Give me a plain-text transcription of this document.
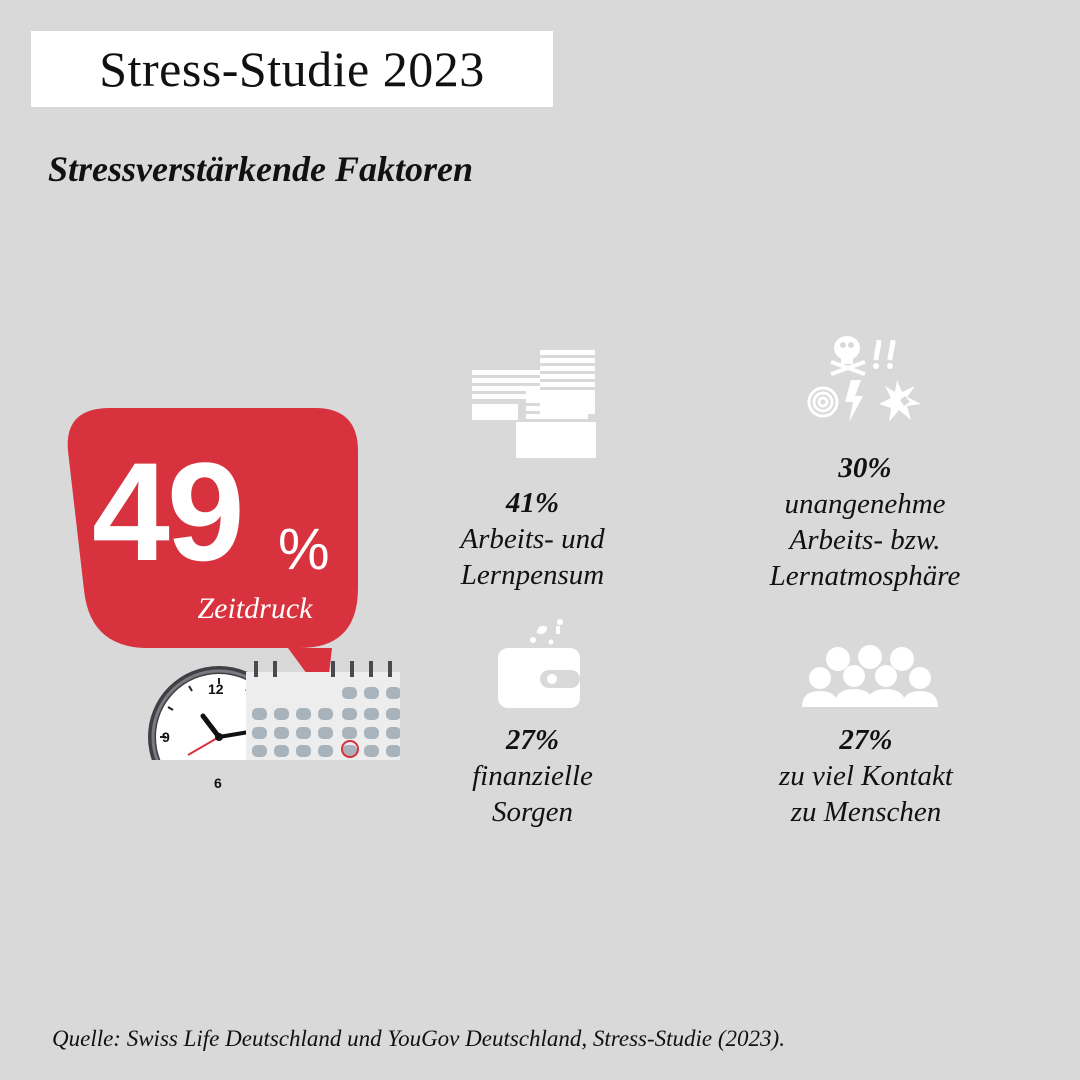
Stress-Studie 2023
Stressverstärkende Faktoren
49 %
Zeitdruck
41%
Arbeits- und
Lernpensum
30%
unangenehme
Arbeits- bzw.
Lernatmosphäre
27%
finanzielle
Sorgen
27%
zu viel Kontakt
zu Menschen
Quelle: Swiss Life Deutschland und YouGov Deutschland, Stress-Studie (2023).
12
9
6
